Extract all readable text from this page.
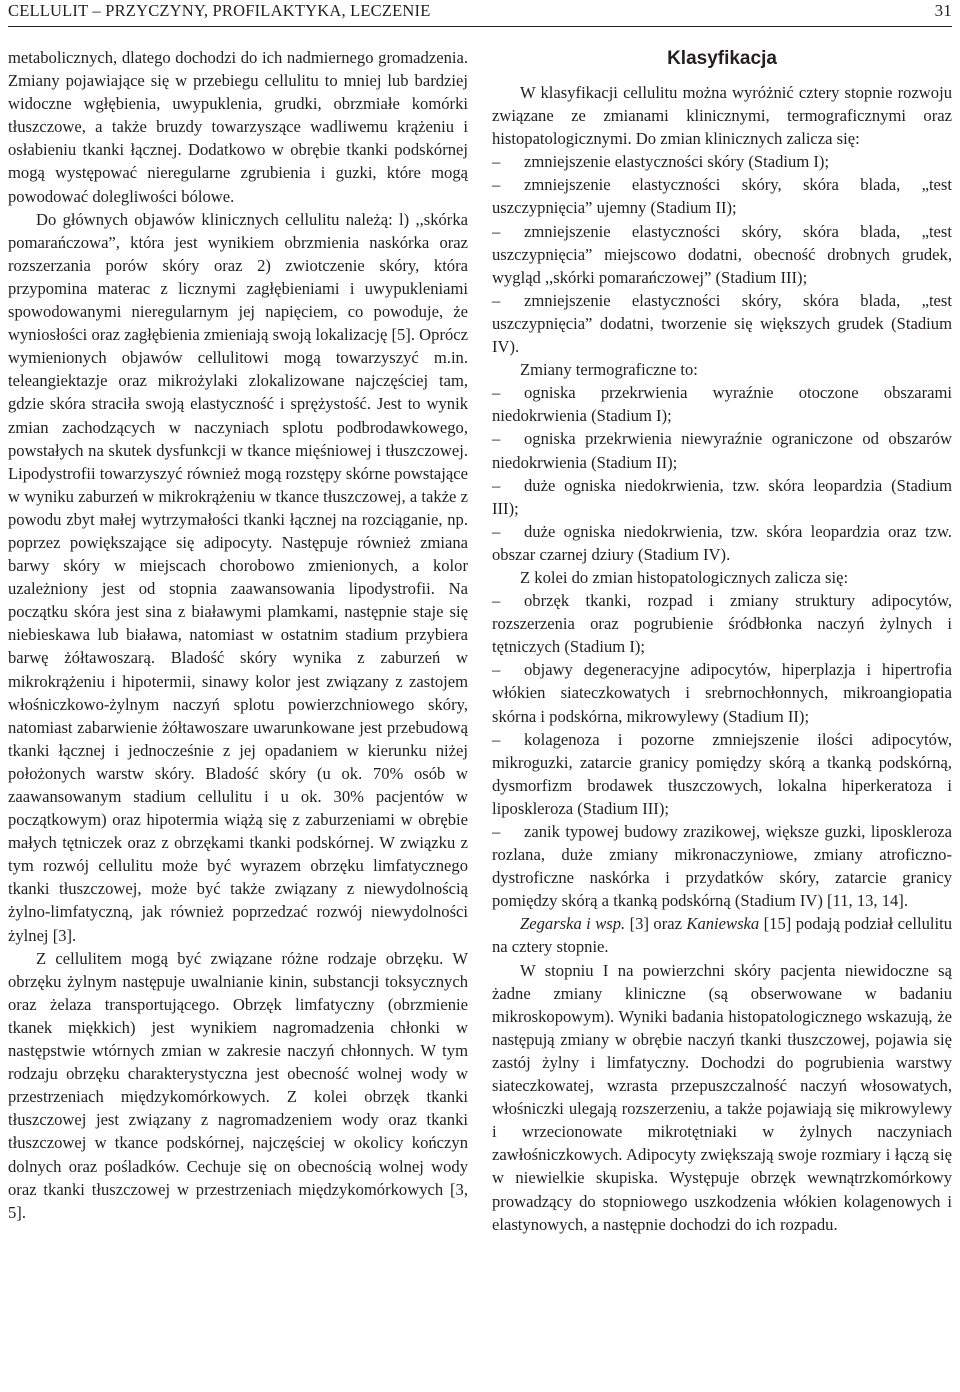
CELLULIT – PRZYCZYNY, PROFILAKTYKA, LECZENIE	31

metabolicznych, dlatego dochodzi do ich nadmiernego gromadzenia. Zmiany pojawiające się w przebiegu cellulitu to mniej lub bardziej widoczne wgłębienia, uwypuklenia, grudki, obrzmiałe komórki tłuszczowe, a także bruzdy towarzyszące wadliwemu krążeniu i osłabieniu tkanki łącznej. Dodatkowo w obrębie tkanki podskórnej mogą występować nieregularne zgrubienia i guzki, które mogą powodować dolegliwości bólowe.

Do głównych objawów klinicznych cellulitu należą: l) ,,skórka pomarańczowa”, która jest wynikiem obrzmienia naskórka oraz rozszerzania porów skóry oraz 2) zwiotczenie skóry, która przypomina materac z licznymi zagłębieniami i uwypukleniami spowodowanymi nieregularnym jej napięciem, co powoduje, że wyniosłości oraz zagłębienia zmieniają swoją lokalizację [5]. Oprócz wymienionych objawów cellulitowi mogą towarzyszyć m.in. teleangiektazje oraz mikrożylaki zlokalizowane najczęściej tam, gdzie skóra straciła swoją elastyczność i sprężystość. Jest to wynik zmian zachodzących w naczyniach splotu podbrodawkowego, powstałych na skutek dysfunkcji w tkance mięśniowej i tłuszczowej. Lipodystrofii towarzyszyć również mogą rozstępy skórne powstające w wyniku zaburzeń w mikrokrążeniu w tkance tłuszczowej, a także z powodu zbyt małej wytrzymałości tkanki łącznej na rozciąganie, np. poprzez powiększające się adipocyty. Następuje również zmiana barwy skóry w miejscach chorobowo zmienionych, a kolor uzależniony jest od stopnia zaawansowania lipodystrofii. Na początku skóra jest sina z białawymi plamkami, następnie staje się niebieskawa lub biaława, natomiast w ostatnim stadium przybiera barwę żółtawoszarą. Bladość skóry wynika z zaburzeń w mikrokrążeniu i hipotermii, sinawy kolor jest związany z zastojem włośniczkowo-żylnym naczyń splotu powierzchniowego skóry, natomiast zabarwienie żółtawoszare uwarunkowane jest przebudową tkanki łącznej i jednocześnie z jej opadaniem w kierunku niżej położonych warstw skóry. Bladość skóry (u ok. 70% osób w zaawansowanym stadium cellulitu i u ok. 30% pacjentów w początkowym) oraz hipotermia wiążą się z zaburzeniami w obrębie małych tętniczek oraz z obrzękami tkanki podskórnej. W związku z tym rozwój cellulitu może być wyrazem obrzęku limfatycznego tkanki tłuszczowej, może być także związany z niewydolnością żylno-limfatyczną, jak również poprzedzać rozwój niewydolności żylnej [3].

Z cellulitem mogą być związane różne rodzaje obrzęku. W obrzęku żylnym następuje uwalnianie kinin, substancji toksycznych oraz żelaza transportującego. Obrzęk limfatyczny (obrzmienie tkanek miękkich) jest wynikiem nagromadzenia chłonki w następstwie wtórnych zmian w zakresie naczyń chłonnych. W tym rodzaju obrzęku charakterystyczna jest obecność wolnej wody w przestrzeniach międzykomórkowych. Z kolei obrzęk tkanki tłuszczowej jest związany z nagromadzeniem wody oraz tkanki tłuszczowej w tkance podskórnej, najczęściej w okolicy kończyn dolnych oraz pośladków. Cechuje się on obecnością wolnej wody oraz tkanki tłuszczowej w przestrzeniach międzykomórkowych [3, 5].

Klasyfikacja

W klasyfikacji cellulitu można wyróżnić cztery stopnie rozwoju związane ze zmianami klinicznymi, termograficznymi oraz histopatologicznymi. Do zmian klinicznych zalicza się:

– zmniejszenie elastyczności skóry (Stadium I);

– zmniejszenie elastyczności skóry, skóra blada, „test uszczypnięcia” ujemny (Stadium II);

– zmniejszenie elastyczności skóry, skóra blada, „test uszczypnięcia” miejscowo dodatni, obecność drobnych grudek, wygląd ,,skórki pomarańczowej” (Stadium III);

– zmniejszenie elastyczności skóry, skóra blada, „test uszczypnięcia” dodatni, tworzenie się większych grudek (Stadium IV).

Zmiany termograficzne to:

– ogniska przekrwienia wyraźnie otoczone obszarami niedokrwienia (Stadium I);

– ogniska przekrwienia niewyraźnie ograniczone od obszarów niedokrwienia (Stadium II);

– duże ogniska niedokrwienia, tzw. skóra leopardzia (Stadium III);

– duże ogniska niedokrwienia, tzw. skóra leopardzia oraz tzw. obszar czarnej dziury (Stadium IV).

Z kolei do zmian histopatologicznych zalicza się:

– obrzęk tkanki, rozpad i zmiany struktury adipocytów, rozszerzenia oraz pogrubienie śródbłonka naczyń żylnych i tętniczych (Stadium I);

– objawy degeneracyjne adipocytów, hiperplazja i hipertrofia włókien siateczkowatych i srebrnochłonnych, mikroangiopatia skórna i podskórna, mikrowylewy (Stadium II);

– kolagenoza i pozorne zmniejszenie ilości adipocytów, mikroguzki, zatarcie granicy pomiędzy skórą a tkanką podskórną, dysmorfizm brodawek tłuszczowych, lokalna hiperkeratoza i liposkleroza (Stadium III);

– zanik typowej budowy zrazikowej, większe guzki, liposkleroza rozlana, duże zmiany mikronaczyniowe, zmiany atroficzno-dystroficzne naskórka i przydatków skóry, zatarcie granicy pomiędzy skórą a tkanką podskórną (Stadium IV) [11, 13, 14].

Zegarska i wsp. [3] oraz Kaniewska [15] podają podział cellulitu na cztery stopnie.

W stopniu I na powierzchni skóry pacjenta niewidoczne są żadne zmiany kliniczne (są obserwowane w badaniu mikroskopowym). Wyniki badania histopatologicznego wskazują, że następują zmiany w obrębie naczyń tkanki tłuszczowej, pojawia się zastój żylny i limfatyczny. Dochodzi do pogrubienia warstwy siateczkowatej, wzrasta przepuszczalność naczyń włosowatych, włośniczki ulegają rozszerzeniu, a także pojawiają się mikrowylewy i wrzecionowate mikrotętniaki w żylnych naczyniach zawłośniczkowych. Adipocyty zwiększają swoje rozmiary i łączą się w niewielkie skupiska. Występuje obrzęk wewnątrzkomórkowy prowadzący do stopniowego uszkodzenia włókien kolagenowych i elastynowych, a następnie dochodzi do ich rozpadu.
